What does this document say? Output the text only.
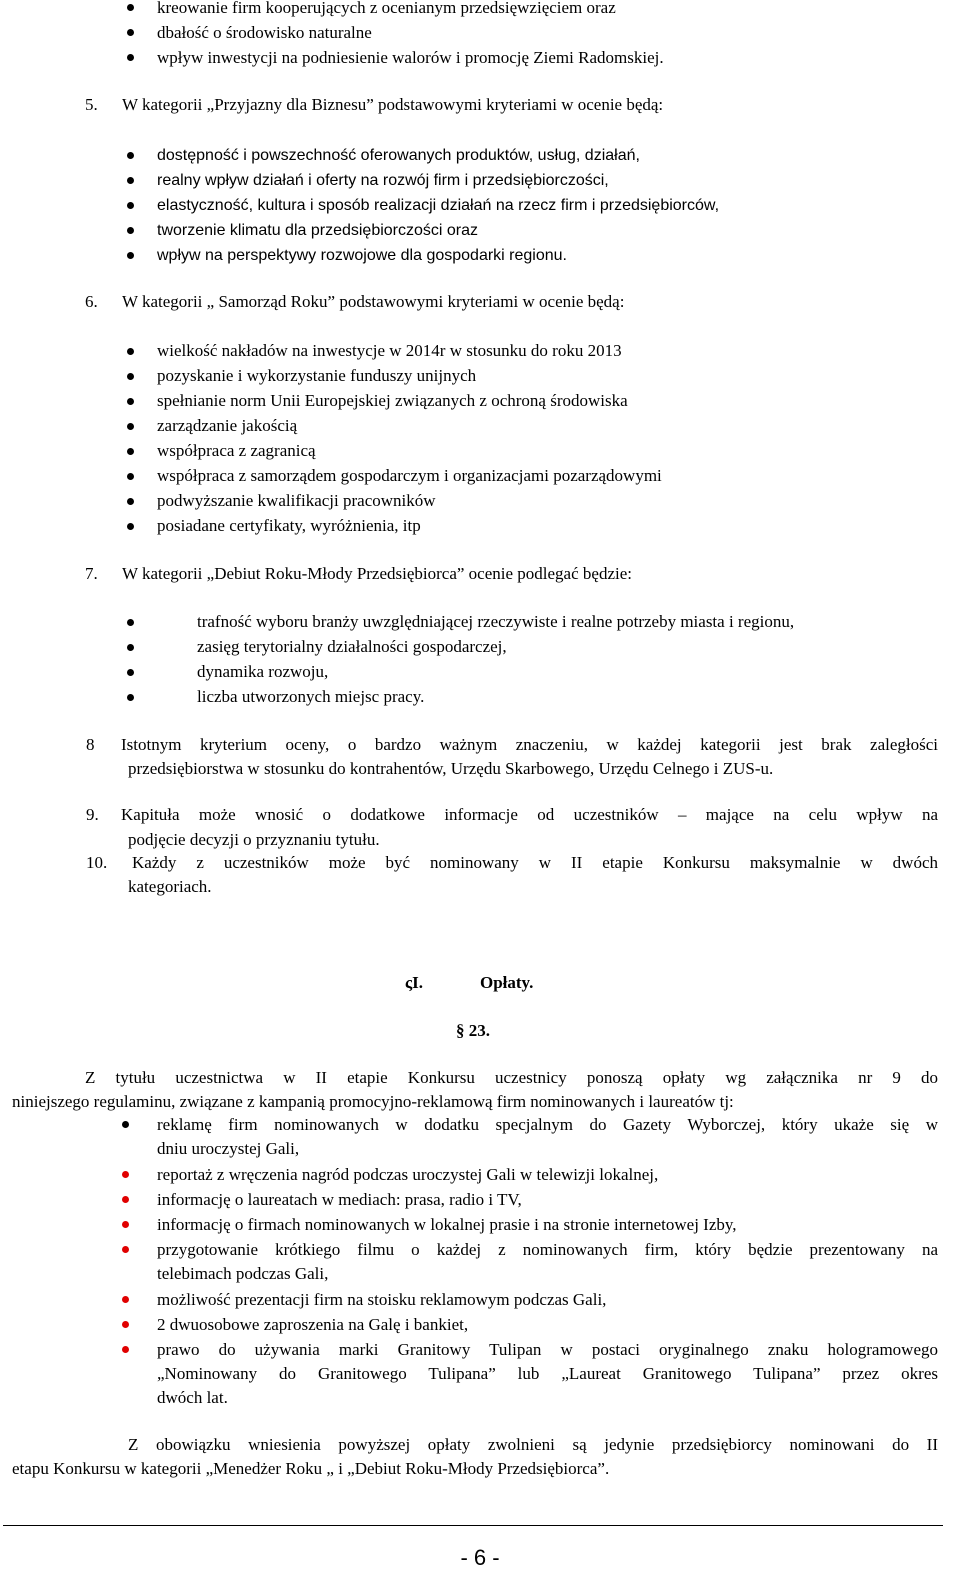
kreowanie firm kooperujących z ocenianym przedsięwzięciem oraz
dbałość o środowisko naturalne
wpływ inwestycji na podniesienie walorów i promocję Ziemi Radomskiej.
5. W kategorii „Przyjazny dla Biznesu” podstawowymi kryteriami w ocenie będą:
dostępność i powszechność oferowanych produktów, usług, działań,
realny wpływ działań i oferty na rozwój firm i przedsiębiorczości,
elastyczność, kultura i sposób realizacji działań na rzecz firm i przedsiębiorców,
tworzenie klimatu dla przedsiębiorczości oraz
wpływ na perspektywy rozwojowe dla gospodarki regionu.
6. W kategorii „ Samorząd Roku” podstawowymi kryteriami w ocenie będą:
wielkość nakładów na inwestycje w 2014r w stosunku do roku 2013
pozyskanie i wykorzystanie funduszy unijnych
spełnianie norm Unii Europejskiej związanych z ochroną środowiska
zarządzanie jakością
współpraca z zagranicą
współpraca z samorządem gospodarczym i organizacjami pozarządowymi
podwyższanie kwalifikacji pracowników
posiadane certyfikaty, wyróżnienia, itp
7. W kategorii „Debiut Roku-Młody Przedsiębiorca” ocenie podlegać będzie:
trafność wyboru branży uwzględniającej rzeczywiste i realne potrzeby miasta i regionu,
zasięg terytorialny działalności gospodarczej,
dynamika rozwoju,
liczba utworzonych miejsc pracy.
8 Istotnym kryterium oceny, o bardzo ważnym znaczeniu, w każdej kategorii jest brak zaległości
przedsiębiorstwa w stosunku do kontrahentów, Urzędu Skarbowego, Urzędu Celnego i ZUS-u.
9. Kapituła może wnosić o dodatkowe informacje od uczestników – mające na celu wpływ na
podjęcie decyzji o przyznaniu tytułu.
10. Każdy z uczestników może być nominowany w II etapie Konkursu maksymalnie w dwóch
kategoriach.
ςI.	Opłaty.
§ 23.
Z tytułu uczestnictwa w II etapie Konkursu uczestnicy ponoszą opłaty wg załącznika nr 9 do
niniejszego regulaminu, związane z kampanią promocyjno-reklamową firm nominowanych i laureatów tj:
reklamę firm nominowanych w dodatku specjalnym do Gazety Wyborczej, który ukaże się w
dniu uroczystej Gali,
reportaż z wręczenia nagród podczas uroczystej Gali w telewizji lokalnej,
informację o laureatach w mediach: prasa, radio i TV,
informację o firmach nominowanych w lokalnej prasie i na stronie internetowej Izby,
przygotowanie krótkiego filmu o każdej z nominowanych firm, który będzie prezentowany na
telebimach podczas Gali,
możliwość prezentacji firm na stoisku reklamowym podczas Gali,
2 dwuosobowe zaproszenia na Galę i bankiet,
prawo do używania marki Granitowy Tulipan w postaci oryginalnego znaku hologramowego
„Nominowany do Granitowego Tulipana” lub „Laureat Granitowego Tulipana” przez okres
dwóch lat.
Z obowiązku wniesienia powyższej opłaty zwolnieni są jedynie przedsiębiorcy nominowani do II
etapu Konkursu w kategorii „Menedżer Roku „ i „Debiut Roku-Młody Przedsiębiorca”.
- 6 -
